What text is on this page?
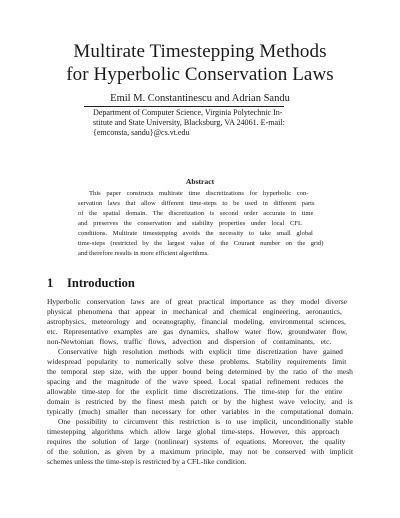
Multirate Timestepping Methods
for Hyperbolic Conservation Laws
Emil M. Constantinescu and Adrian Sandu
Department of Computer Science, Virginia Polytechnic In-
stitute and State University, Blacksburg, VA 24061. E-mail:
{emconsta, sandu}@cs.vt.edu
Abstract
This paper constructs multirate time discretizations for hyperbolic con-
servation laws that allow different time-steps to be used in different parts
of the spatial domain. The discretization is second order accurate in time
and preserves the conservation and stability properties under local CFL
conditions. Multirate timestepping avoids the necessity to take small global
time-steps (restricted by the largest value of the Courant number on the grid)
and therefore results in more efficient algorithms.
1 Introduction
Hyperbolic conservation laws are of great practical importance as they model diverse
physical phenomena that appear in mechanical and chemical engineering, aeronautics,
astrophysics, meteorology and oceanography, financial modeling, environmental sciences,
etc. Representative examples are gas dynamics, shallow water flow, groundwater flow,
non-Newtonian flows, traffic flows, advection and dispersion of contaminants, etc.
Conservative high resolution methods with explicit time discretization have gained
widespread popularity to numerically solve these problems. Stability requirements limit
the temporal step size, with the upper bound being determined by the ratio of the mesh
spacing and the magnitude of the wave speed. Local spatial refinement reduces the
allowable time-step for the explicit time discretizations. The time-step for the entire
domain is restricted by the finest mesh patch or by the highest wave velocity, and is
typically (much) smaller than necessary for other variables in the computational domain.
One possibility to circumvent this restriction is to use implicit, unconditionally stable
timestepping algorithms which allow large global time-steps. However, this approach
requires the solution of large (nonlinear) systems of equations. Moreover, the quality
of the solution, as given by a maximum principle, may not be conserved with implicit
schemes unless the time-step is restricted by a CFL-like condition.
